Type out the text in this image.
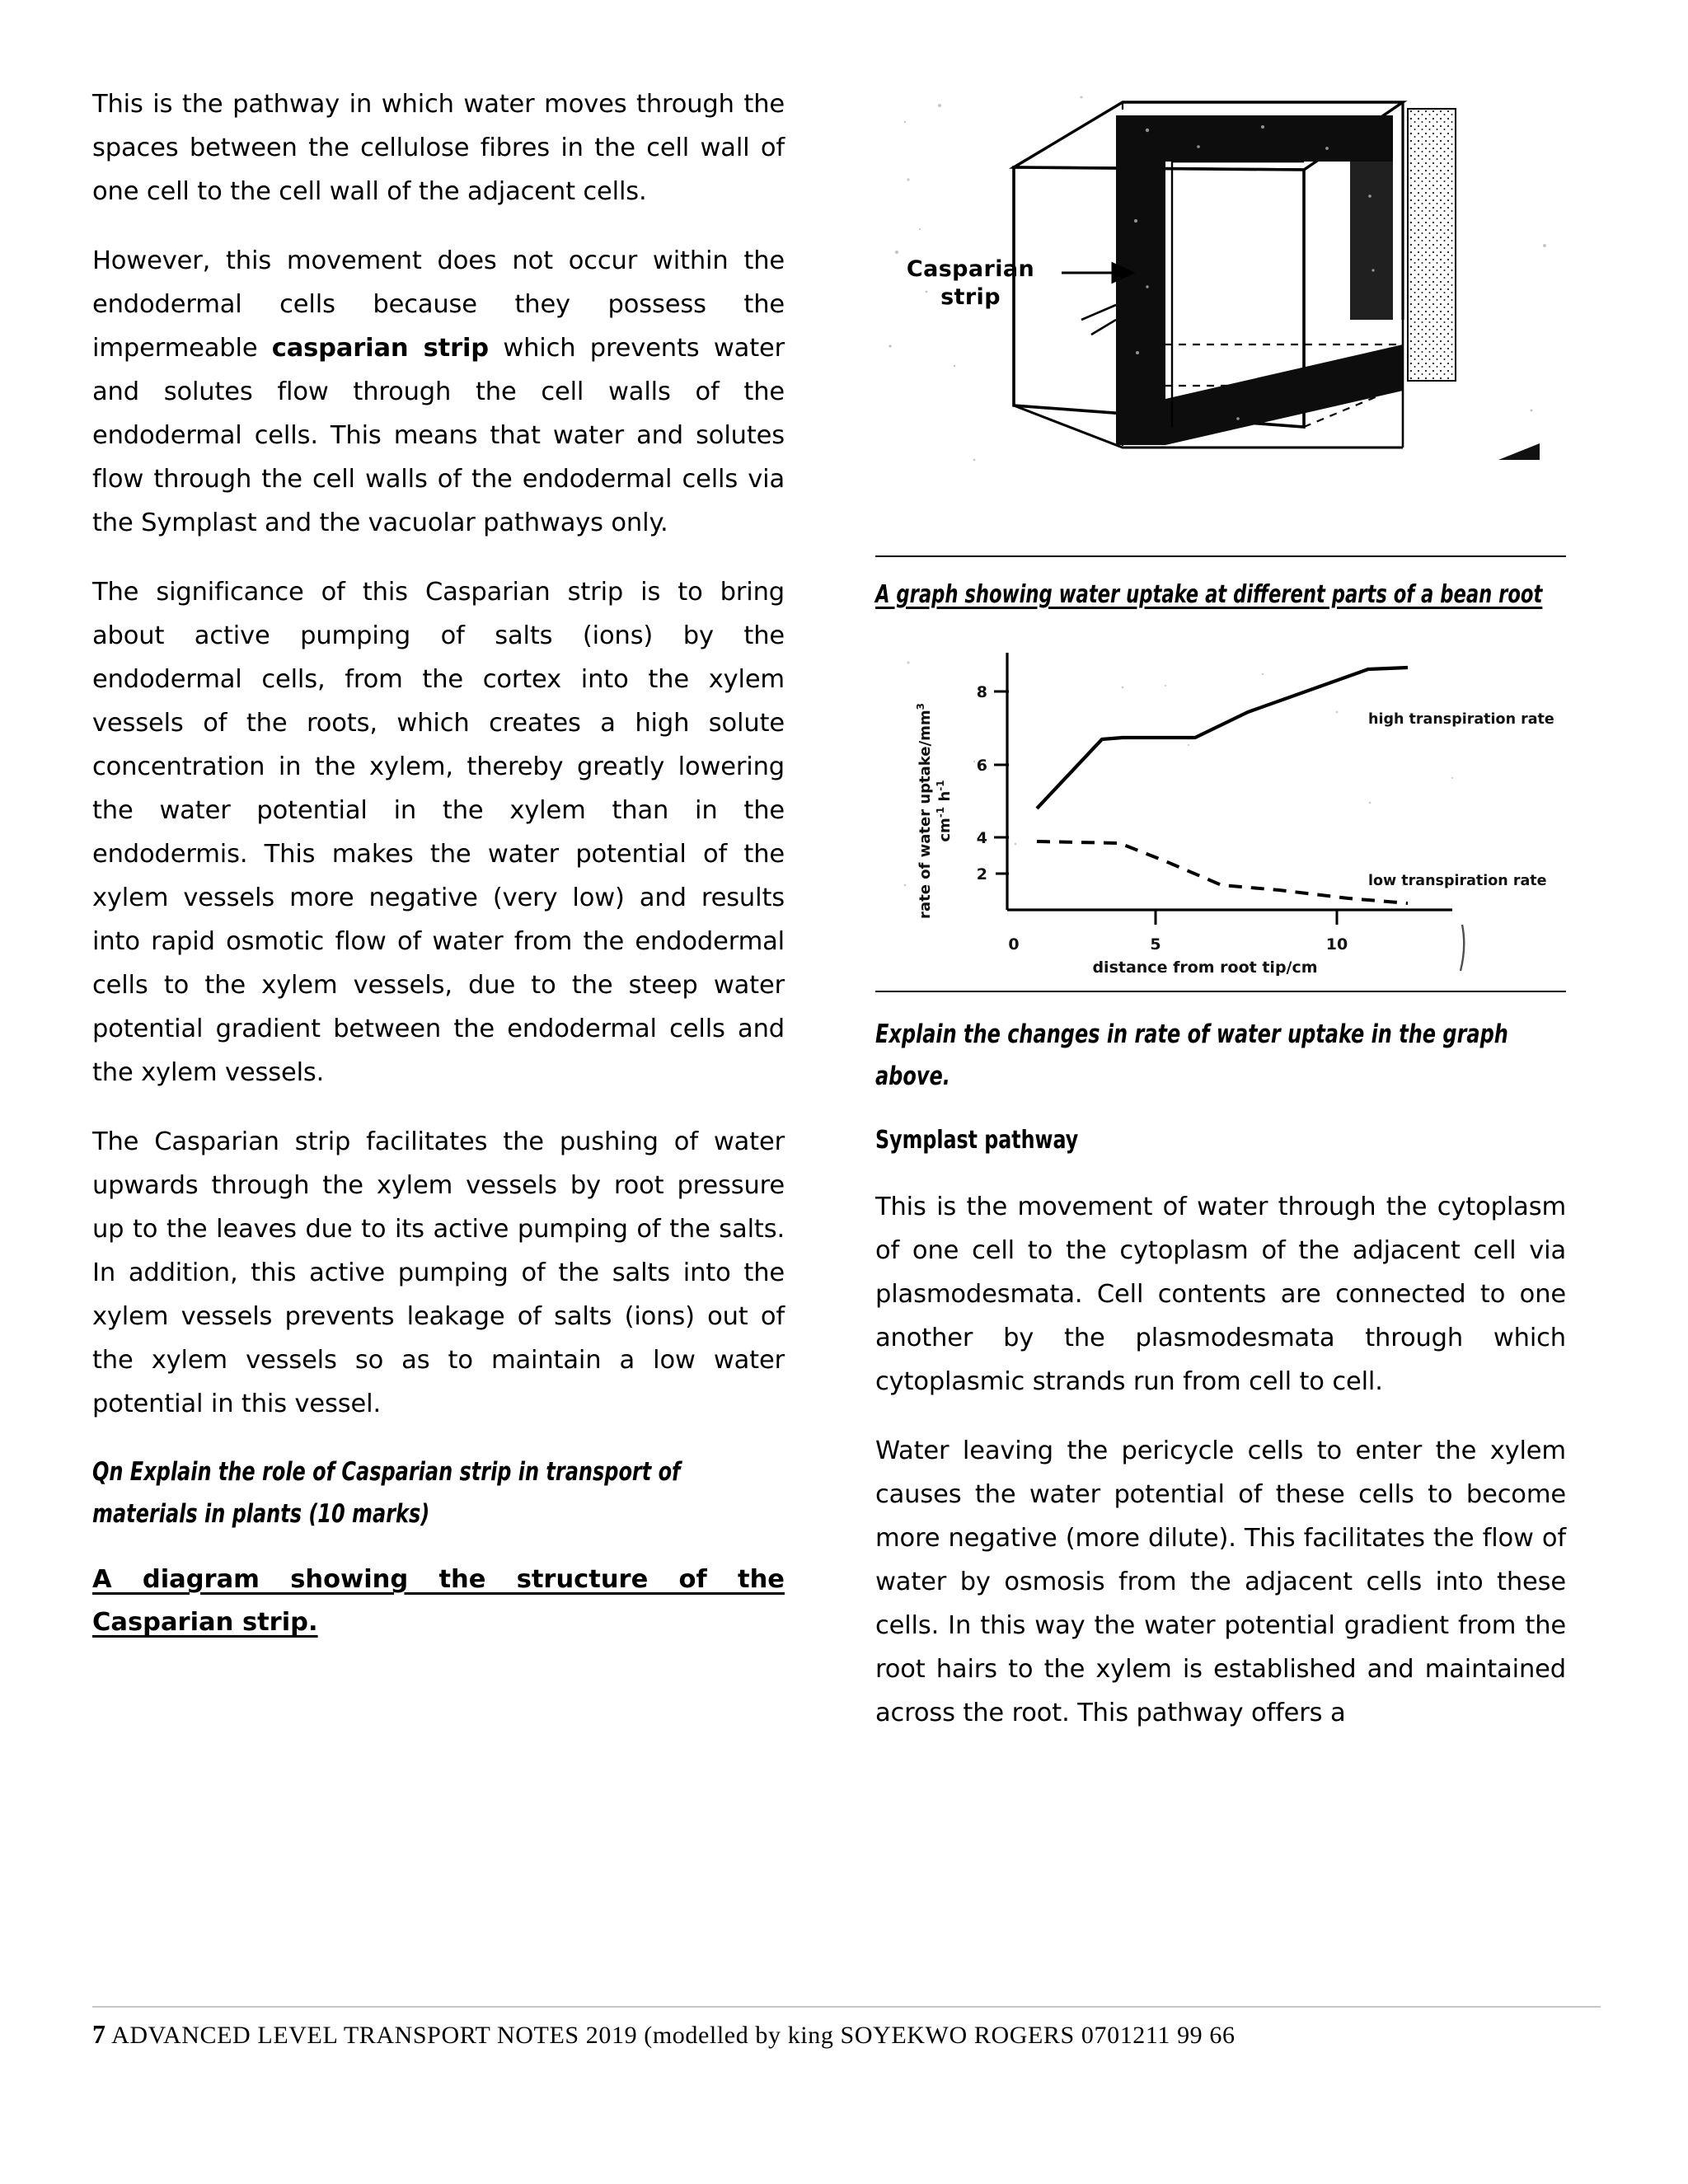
This is the pathway in which water moves through the spaces between the cellulose fibres in the cell wall of one cell to the cell wall of the adjacent cells.

However, this movement does not occur within the endodermal cells because they possess the impermeable casparian strip which prevents water and solutes flow through the cell walls of the endodermal cells. This means that water and solutes flow through the cell walls of the endodermal cells via the Symplast and the vacuolar pathways only.

The significance of this Casparian strip is to bring about active pumping of salts (ions) by the endodermal cells, from the cortex into the xylem vessels of the roots, which creates a high solute concentration in the xylem, thereby greatly lowering the water potential in the xylem than in the endodermis. This makes the water potential of the xylem vessels more negative (very low) and results into rapid osmotic flow of water from the endodermal cells to the xylem vessels, due to the steep water potential gradient between the endodermal cells and the xylem vessels.

The Casparian strip facilitates the pushing of water upwards through the xylem vessels by root pressure up to the leaves due to its active pumping of the salts. In addition, this active pumping of the salts into the xylem vessels prevents leakage of salts (ions) out of the xylem vessels so as to maintain a low water potential in this vessel.

Qn Explain the role of Casparian strip in transport of materials in plants (10 marks)

A diagram showing the structure of the Casparian strip.

Casparian
strip

A graph showing water uptake at different parts of a bean root

8
6
4
2
0	5	10
distance from root tip/cm
rate of water uptake/$mm^3$
$cm^{-1}$ $h^{-1}$
high transpiration rate
low transpiration rate

Explain the changes in rate of water uptake in the graph above.

Symplast pathway

This is the movement of water through the cytoplasm of one cell to the cytoplasm of the adjacent cell via plasmodesmata. Cell contents are connected to one another by the plasmodesmata through which cytoplasmic strands run from cell to cell.

Water leaving the pericycle cells to enter the xylem causes the water potential of these cells to become more negative (more dilute). This facilitates the flow of water by osmosis from the adjacent cells into these cells. In this way the water potential gradient from the root hairs to the xylem is established and maintained across the root. This pathway offers a

7 ADVANCED LEVEL TRANSPORT NOTES 2019 (modelled by king SOYEKWO ROGERS 0701211 99 66
